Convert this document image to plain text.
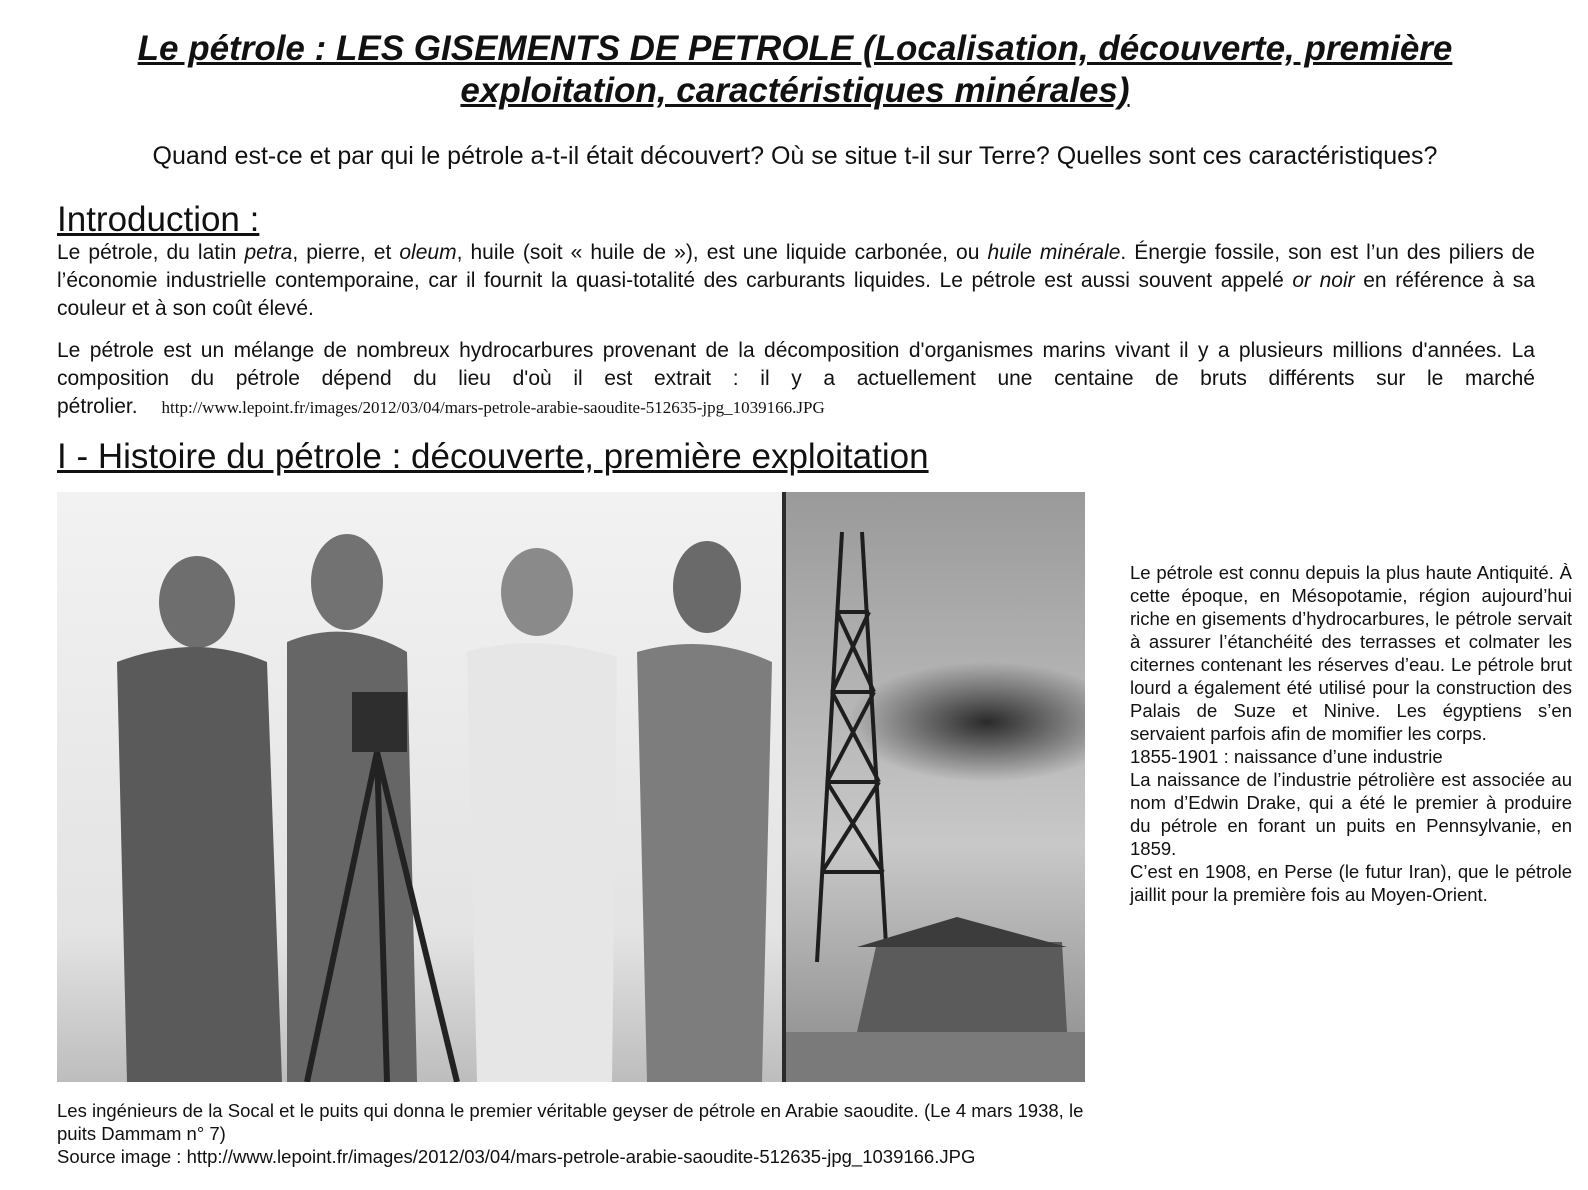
Le pétrole : LES GISEMENTS DE PETROLE (Localisation, découverte, première
exploitation, caractéristiques minérales)
Quand est-ce et par qui le pétrole a-t-il était découvert? Où se situe t-il sur Terre? Quelles sont ces caractéristiques?
Introduction :
Le pétrole, du latin petra, pierre, et oleum, huile (soit « huile de »), est une liquide carbonée, ou huile minérale. Énergie fossile, son est l’un des piliers de l’économie industrielle contemporaine, car il fournit la quasi-totalité des carburants liquides. Le pétrole est aussi souvent appelé or noir en référence à sa couleur et à son coût élevé.
Le pétrole est un mélange de nombreux hydrocarbures provenant de la décomposition d'organismes marins vivant il y a plusieurs millions d'années. La composition du pétrole dépend du lieu d'où il est extrait : il y a actuellement une centaine de bruts différents sur le marché pétrolier. http://www.lepoint.fr/images/2012/03/04/mars-petrole-arabie-saoudite-512635-jpg_1039166.JPG
I - Histoire du pétrole : découverte, première exploitation

Le pétrole est connu depuis la plus haute Antiquité. À cette époque, en Mésopotamie, région aujourd’hui riche en gisements d’hydrocarbures, le pétrole servait à assurer l’étanchéité des terrasses et colmater les citernes contenant les réserves d’eau. Le pétrole brut lourd a également été utilisé pour la construction des Palais de Suze et Ninive. Les égyptiens s’en servaient parfois afin de momifier les corps.

1855-1901 : naissance d’une industrie

La naissance de l’industrie pétrolière est associée au nom d’Edwin Drake, qui a été le premier à produire du pétrole en forant un puits en Pennsylvanie, en 1859.

C’est en 1908, en Perse (le futur Iran), que le pétrole jaillit pour la première fois au Moyen-Orient.

Les ingénieurs de la Socal et le puits qui donna le premier véritable geyser de pétrole en Arabie saoudite. (Le 4 mars 1938, le puits Dammam n° 7)

Source image : http://www.lepoint.fr/images/2012/03/04/mars-petrole-arabie-saoudite-512635-jpg_1039166.JPG
